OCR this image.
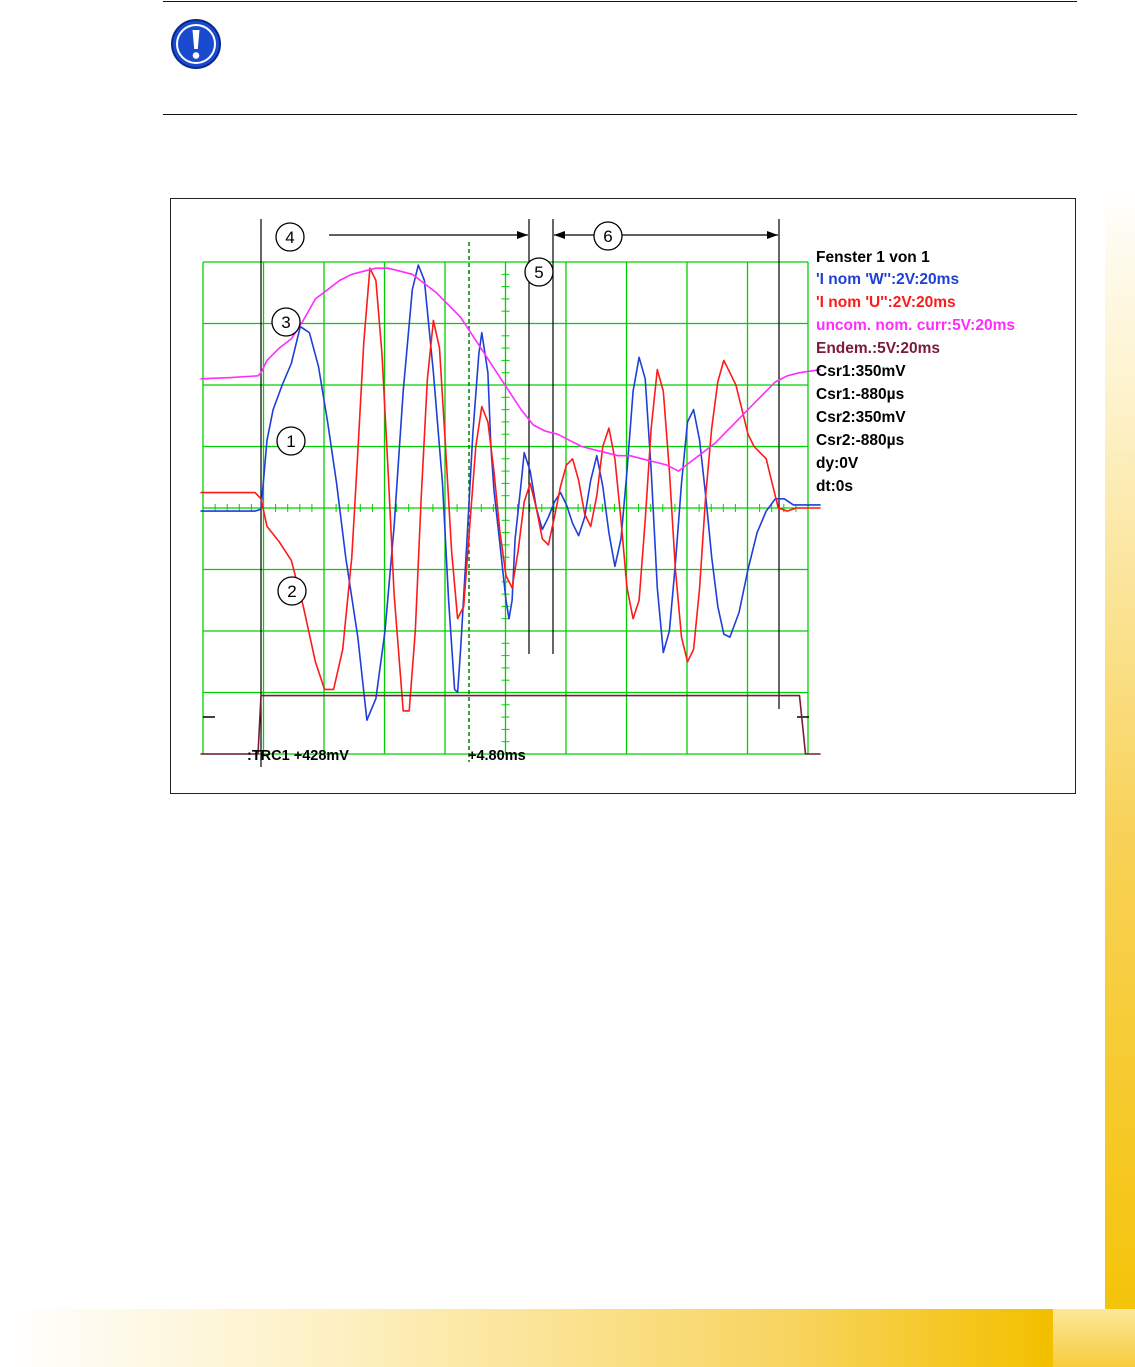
1
2
3
4
5
6
Fenster 1 von 1
'I nom 'W'':2V:20ms
'I nom 'U'':2V:20ms
uncom. nom. curr:5V:20ms
Endem.:5V:20ms
Csr1:350mV
Csr1:-880µs
Csr2:350mV
Csr2:-880µs
dy:0V
dt:0s
:TRC1 +428mV	+4.80ms
